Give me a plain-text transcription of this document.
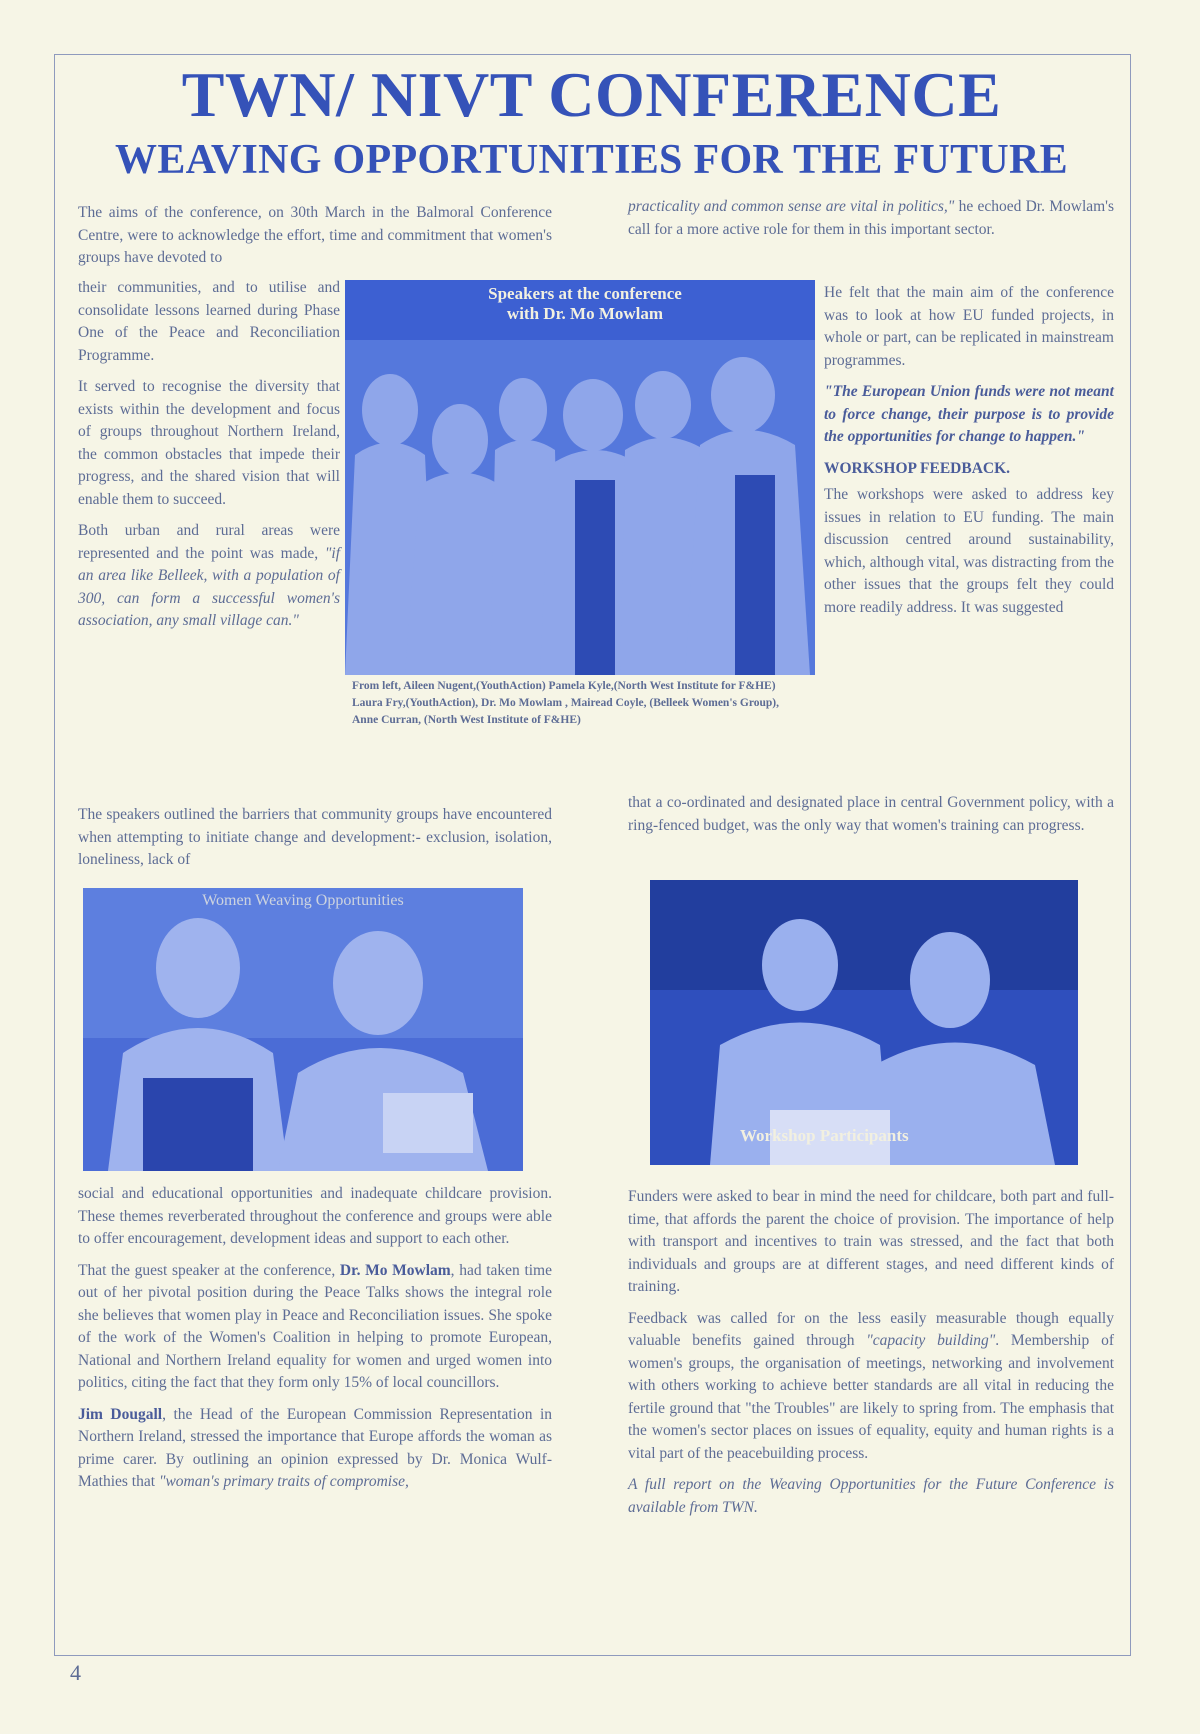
TWN/ NIVT CONFERENCE
WEAVING OPPORTUNITIES FOR THE FUTURE

The aims of the conference, on 30th March in the Balmoral Conference Centre, were to acknowledge the effort, time and commitment that women's groups have devoted to

their communities, and to utilise and consolidate lessons learned during Phase One of the Peace and Reconciliation Programme.

It served to recognise the diversity that exists within the development and focus of groups throughout Northern Ireland, the common obstacles that impede their progress, and the shared vision that will enable them to succeed.

Both urban and rural areas were represented and the point was made, "if an area like Belleek, with a population of 300, can form a successful women's association, any small village can."

Speakers at the conference
with Dr. Mo Mowlam

From left, Aileen Nugent,(YouthAction) Pamela Kyle,(North West Institute for F&HE) Laura Fry,(YouthAction), Dr. Mo Mowlam , Mairead Coyle, (Belleek Women's Group), Anne Curran, (North West Institute of F&HE)

The speakers outlined the barriers that community groups have encountered when attempting to initiate change and development:- exclusion, isolation, loneliness, lack of

Women Weaving Opportunities

social and educational opportunities and inadequate childcare provision. These themes reverberated throughout the conference and groups were able to offer encouragement, development ideas and support to each other.

That the guest speaker at the conference, Dr. Mo Mowlam, had taken time out of her pivotal position during the Peace Talks shows the integral role she believes that women play in Peace and Reconciliation issues. She spoke of the work of the Women's Coalition in helping to promote European, National and Northern Ireland equality for women and urged women into politics, citing the fact that they form only 15% of local councillors.

Jim Dougall, the Head of the European Commission Representation in Northern Ireland, stressed the importance that Europe affords the woman as prime carer. By outlining an opinion expressed by Dr. Monica Wulf-Mathies that "woman's primary traits of compromise,

practicality and common sense are vital in politics," he echoed Dr. Mowlam's call for a more active role for them in this important sector.

He felt that the main aim of the conference was to look at how EU funded projects, in whole or part, can be replicated in mainstream programmes.

"The European Union funds were not meant to force change, their purpose is to provide the opportunities for change to happen."

WORKSHOP FEEDBACK.

The workshops were asked to address key issues in relation to EU funding. The main discussion centred around sustainability, which, although vital, was distracting from the other issues that the groups felt they could more readily address. It was suggested

that a co-ordinated and designated place in central Government policy, with a ring-fenced budget, was the only way that women's training can progress.

Workshop Participants

Funders were asked to bear in mind the need for childcare, both part and full-time, that affords the parent the choice of provision. The importance of help with transport and incentives to train was stressed, and the fact that both individuals and groups are at different stages, and need different kinds of training.

Feedback was called for on the less easily measurable though equally valuable benefits gained through "capacity building". Membership of women's groups, the organisation of meetings, networking and involvement with others working to achieve better standards are all vital in reducing the fertile ground that "the Troubles" are likely to spring from. The emphasis that the women's sector places on issues of equality, equity and human rights is a vital part of the peacebuilding process.

A full report on the Weaving Opportunities for the Future Conference is available from TWN.

4
